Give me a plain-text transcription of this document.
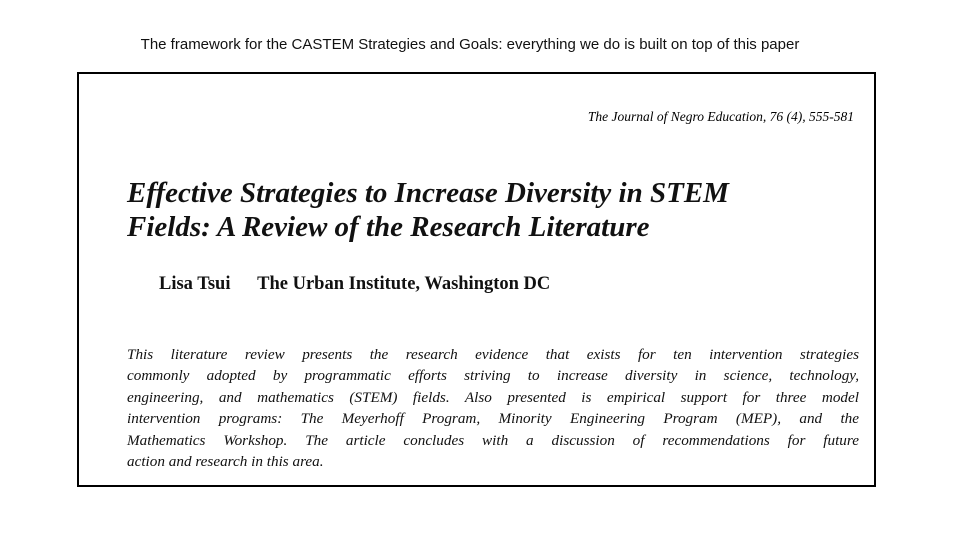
The framework for the CASTEM Strategies and Goals: everything we do is built on top of this paper
The Journal of Negro Education, 76 (4), 555-581
Effective Strategies to Increase Diversity in STEM
Fields: A Review of the Research Literature
Lisa Tsui The Urban Institute, Washington DC
This literature review presents the research evidence that exists for ten intervention strategies
commonly adopted by programmatic efforts striving to increase diversity in science, technology,
engineering, and mathematics (STEM) fields. Also presented is empirical support for three model
intervention programs: The Meyerhoff Program, Minority Engineering Program (MEP), and the
Mathematics Workshop. The article concludes with a discussion of recommendations for future
action and research in this area.
